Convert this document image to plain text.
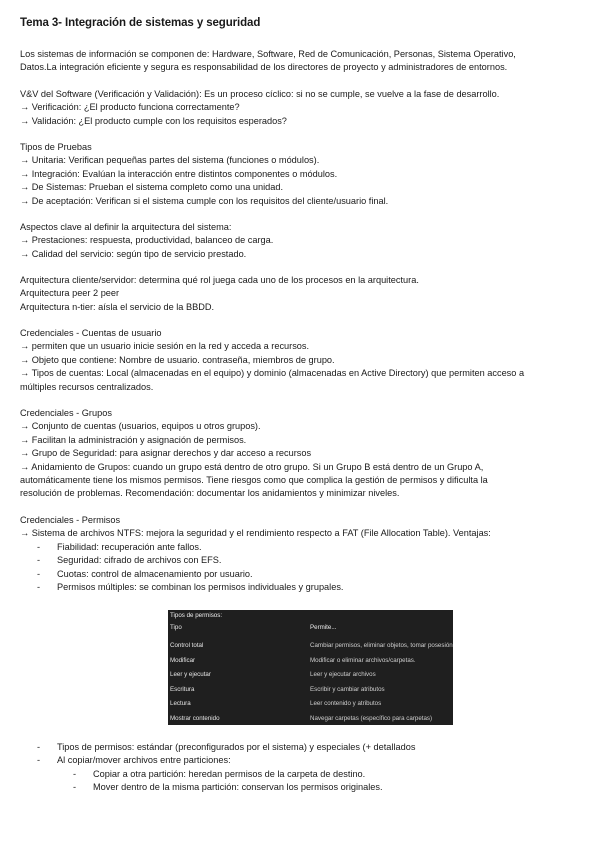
Tema 3- Integración de sistemas y seguridad
Los sistemas de información se componen de: Hardware, Software, Red de Comunicación, Personas, Sistema Operativo,
Datos.La integración eficiente y segura es responsabilidad de los directores de proyecto y administradores de entornos.
V&V del Software (Verificación y Validación): Es un proceso cíclico: si no se cumple, se vuelve a la fase de desarrollo.
→ Verificación: ¿El producto funciona correctamente?
→ Validación: ¿El producto cumple con los requisitos esperados?
Tipos de Pruebas
→ Unitaria: Verifican pequeñas partes del sistema (funciones o módulos).
→ Integración: Evalúan la interacción entre distintos componentes o módulos.
→ De Sistemas: Prueban el sistema completo como una unidad.
→ De aceptación: Verifican si el sistema cumple con los requisitos del cliente/usuario final.
Aspectos clave al definir la arquitectura del sistema:
→ Prestaciones: respuesta, productividad, balanceo de carga.
→ Calidad del servicio: según tipo de servicio prestado.
Arquitectura cliente/servidor: determina qué rol juega cada uno de los procesos en la arquitectura.
Arquitectura peer 2 peer
Arquitectura n-tier: aísla el servicio de la BBDD.
Credenciales - Cuentas de usuario
→ permiten que un usuario inicie sesión en la red y acceda a recursos.
→ Objeto que contiene: Nombre de usuario. contraseña, miembros de grupo.
→ Tipos de cuentas: Local (almacenadas en el equipo) y dominio (almacenadas en Active Directory) que permiten acceso a
múltiples recursos centralizados.
Credenciales - Grupos
→ Conjunto de cuentas (usuarios, equipos u otros grupos).
→ Facilitan la administración y asignación de permisos.
→ Grupo de Seguridad: para asignar derechos y dar acceso a recursos
→ Anidamiento de Grupos: cuando un grupo está dentro de otro grupo. Si un Grupo B está dentro de un Grupo A,
automáticamente tiene los mismos permisos. Tiene riesgos como que complica la gestión de permisos y dificulta la
resolución de problemas. Recomendación: documentar los anidamientos y minimizar niveles.
Credenciales - Permisos
→ Sistema de archivos NTFS: mejora la seguridad y el rendimiento respecto a FAT (File Allocation Table). Ventajas:
- Fiabilidad: recuperación ante fallos.
- Seguridad: cifrado de archivos con EFS.
- Cuotas: control de almacenamiento por usuario.
- Permisos múltiples: se combinan los permisos individuales y grupales.
Tipos de permisos:
Tipo	Permite...
Control total	Cambiar permisos, eliminar objetos, tomar posesión
Modificar	Modificar o eliminar archivos/carpetas.
Leer y ejecutar	Leer y ejecutar archivos
Escritura	Escribir y cambiar atributos
Lectura	Leer contenido y atributos
Mostrar contenido	Navegar carpetas (específico para carpetas)
- Tipos de permisos: estándar (preconfigurados por el sistema) y especiales (+ detallados
- Al copiar/mover archivos entre particiones:
- Copiar a otra partición: heredan permisos de la carpeta de destino.
- Mover dentro de la misma partición: conservan los permisos originales.
